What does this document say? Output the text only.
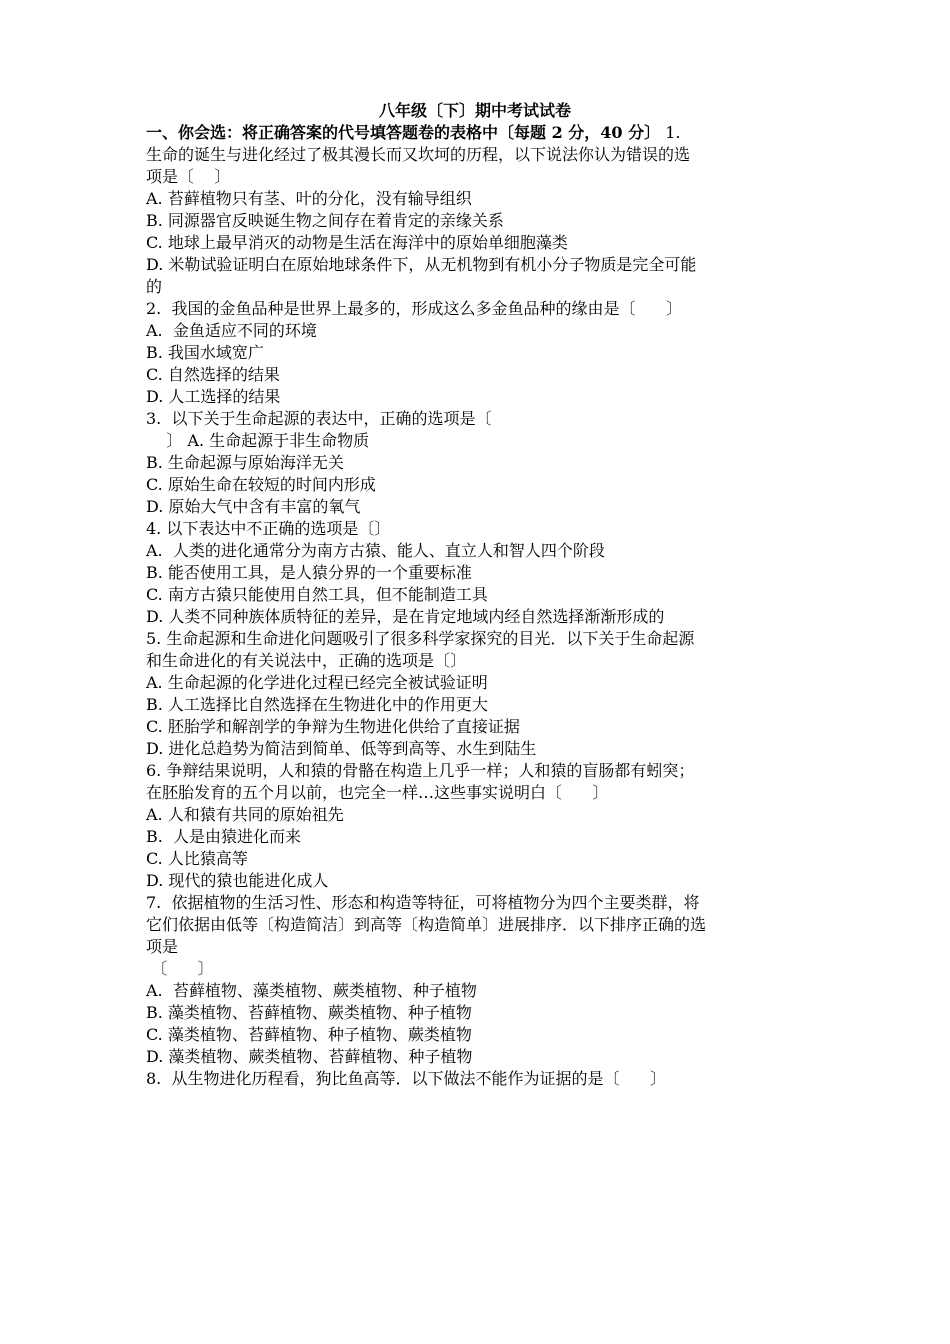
八年级〔下〕期中考试试卷
一、你会选：将正确答案的代号填答题卷的表格中〔每题 2 分，40 分〕 1.
生命的诞生与进化经过了极其漫长而又坎坷的历程，以下说法你认为错误的选
项是〔    〕
A. 苔藓植物只有茎、叶的分化，没有输导组织
B. 同源器官反映诞生物之间存在着肯定的亲缘关系
C. 地球上最早消灭的动物是生活在海洋中的原始单细胞藻类
D. 米勒试验证明白在原始地球条件下，从无机物到有机小分子物质是完全可能
的
2.  我国的金鱼品种是世界上最多的，形成这么多金鱼品种的缘由是〔      〕
A.  金鱼适应不同的环境
B. 我国水域宽广
C. 自然选择的结果
D. 人工选择的结果
3.  以下关于生命起源的表达中，正确的选项是〔
〕 A. 生命起源于非生命物质
B. 生命起源与原始海洋无关
C. 原始生命在较短的时间内形成
D. 原始大气中含有丰富的氧气
4. 以下表达中不正确的选项是〔〕
A.  人类的进化通常分为南方古猿、能人、直立人和智人四个阶段
B. 能否使用工具，是人猿分界的一个重要标准
C. 南方古猿只能使用自然工具，但不能制造工具
D. 人类不同种族体质特征的差异，是在肯定地域内经自然选择渐渐形成的
5. 生命起源和生命进化问题吸引了很多科学家探究的目光．以下关于生命起源
和生命进化的有关说法中，正确的选项是〔〕
A. 生命起源的化学进化过程已经完全被试验证明
B. 人工选择比自然选择在生物进化中的作用更大
C. 胚胎学和解剖学的争辩为生物进化供给了直接证据
D. 进化总趋势为简洁到简单、低等到高等、水生到陆生
6. 争辩结果说明，人和猿的骨骼在构造上几乎一样；人和猿的盲肠都有蚓突；
在胚胎发育的五个月以前，也完全一样…这些事实说明白〔      〕
A. 人和猿有共同的原始祖先
B.  人是由猿进化而来
C. 人比猿高等
D. 现代的猿也能进化成人
7.  依据植物的生活习性、形态和构造等特征，可将植物分为四个主要类群，将
它们依据由低等〔构造简洁〕到高等〔构造简单〕进展排序．以下排序正确的选
项是
〔      〕
A.  苔藓植物、藻类植物、蕨类植物、种子植物
B. 藻类植物、苔藓植物、蕨类植物、种子植物
C. 藻类植物、苔藓植物、种子植物、蕨类植物
D. 藻类植物、蕨类植物、苔藓植物、种子植物
8.  从生物进化历程看，狗比鱼高等．以下做法不能作为证据的是〔      〕
